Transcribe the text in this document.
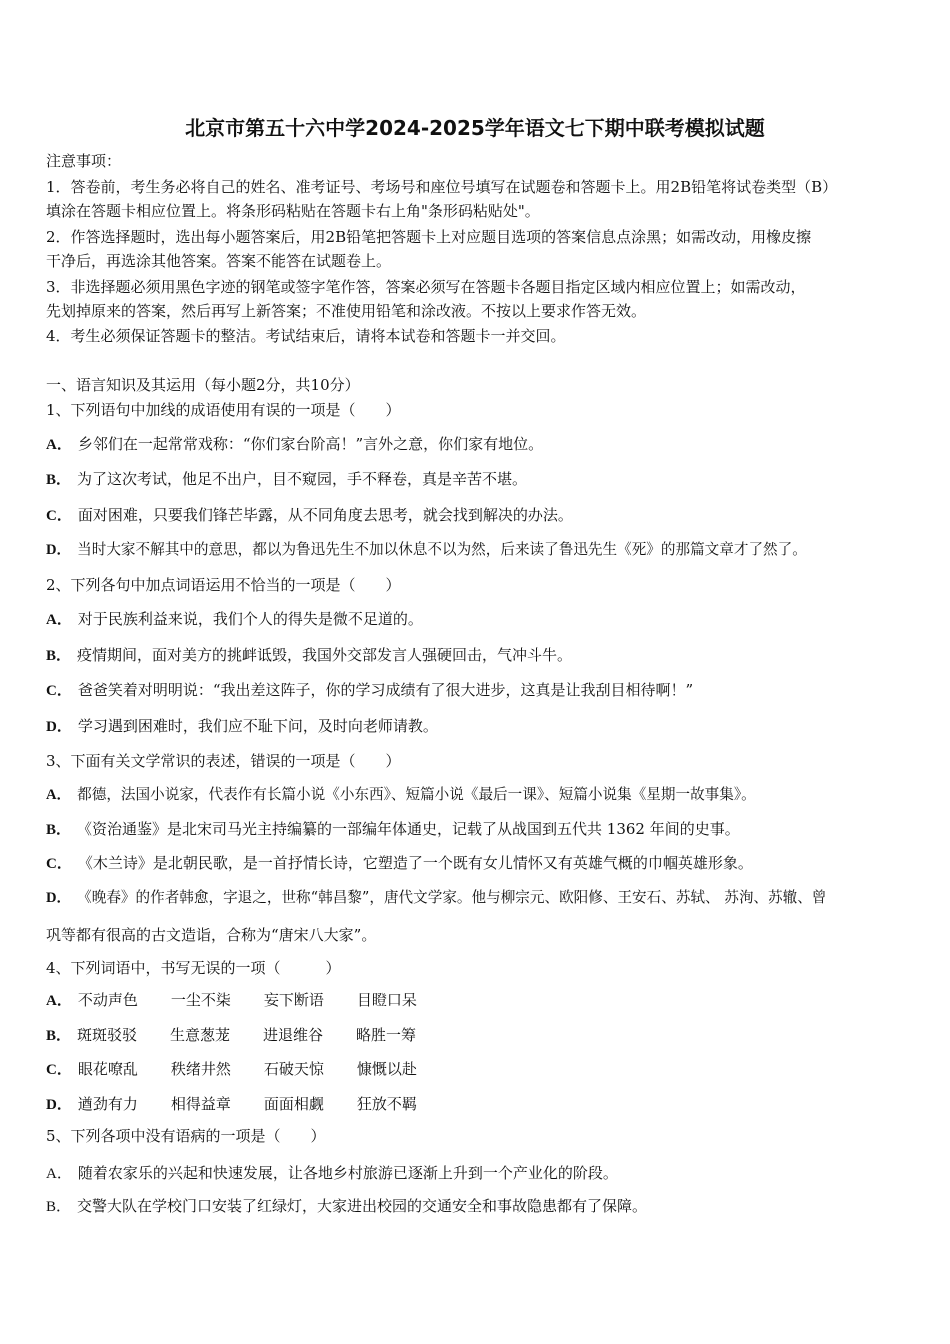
北京市第五十六中学2024-2025学年语文七下期中联考模拟试题

注意事项：

1．答卷前，考生务必将自己的姓名、准考证号、考场号和座位号填写在试题卷和答题卡上。用2B铅笔将试卷类型（B）

填涂在答题卡相应位置上。将条形码粘贴在答题卡右上角"条形码粘贴处"。

2．作答选择题时，选出每小题答案后，用2B铅笔把答题卡上对应题目选项的答案信息点涂黑；如需改动，用橡皮擦

干净后，再选涂其他答案。答案不能答在试题卷上。

3．非选择题必须用黑色字迹的钢笔或签字笔作答，答案必须写在答题卡各题目指定区域内相应位置上；如需改动，

先划掉原来的答案，然后再写上新答案；不准使用铅笔和涂改液。不按以上要求作答无效。

4．考生必须保证答题卡的整洁。考试结束后，请将本试卷和答题卡一并交回。

一、语言知识及其运用（每小题2分，共10分）

1、下列语句中加线的成语使用有误的一项是（　　）

A． 乡邻们在一起常常戏称：“你们家台阶高！”言外之意，你们家有地位。

B． 为了这次考试，他足不出户，目不窥园，手不释卷，真是辛苦不堪。

C． 面对困难，只要我们锋芒毕露，从不同角度去思考，就会找到解决的办法。

D． 当时大家不解其中的意思，都以为鲁迅先生不加以休息不以为然，后来读了鲁迅先生《死》的那篇文章才了然了。

2、下列各句中加点词语运用不恰当的一项是（　　）

A． 对于民族利益来说，我们个人的得失是微不足道的。

B． 疫情期间，面对美方的挑衅诋毁，我国外交部发言人强硬回击，气冲斗牛。

C． 爸爸笑着对明明说：“我出差这阵子，你的学习成绩有了很大进步，这真是让我刮目相待啊！”

D． 学习遇到困难时，我们应不耻下问，及时向老师请教。

3、下面有关文学常识的表述，错误的一项是（　　）

A． 都德，法国小说家，代表作有长篇小说《小东西》、短篇小说《最后一课》、短篇小说集《星期一故事集》。

B． 《资治通鉴》是北宋司马光主持编纂的一部编年体通史，记载了从战国到五代共 1362 年间的史事。

C． 《木兰诗》是北朝民歌，是一首抒情长诗，它塑造了一个既有女儿情怀又有英雄气概的巾帼英雄形象。

D． 《晚春》的作者韩愈，字退之，世称“韩昌黎”，唐代文学家。他与柳宗元、欧阳修、王安石、苏轼、 苏洵、苏辙、曾

巩等都有很高的古文造诣，合称为“唐宋八大家”。

4、下列词语中，书写无误的一项（　　　）

A． 不动声色 一尘不柒 妄下断语 目瞪口呆

B． 斑斑驳驳 生意葱茏 进退维谷 略胜一筹

C． 眼花嘹乱 秩绪井然 石破天惊 慷慨以赴

D． 遒劲有力 相得益章 面面相觑 狂放不羁

5、下列各项中没有语病的一项是（　　）

A． 随着农家乐的兴起和快速发展，让各地乡村旅游已逐渐上升到一个产业化的阶段。

B． 交警大队在学校门口安装了红绿灯，大家进出校园的交通安全和事故隐患都有了保障。
